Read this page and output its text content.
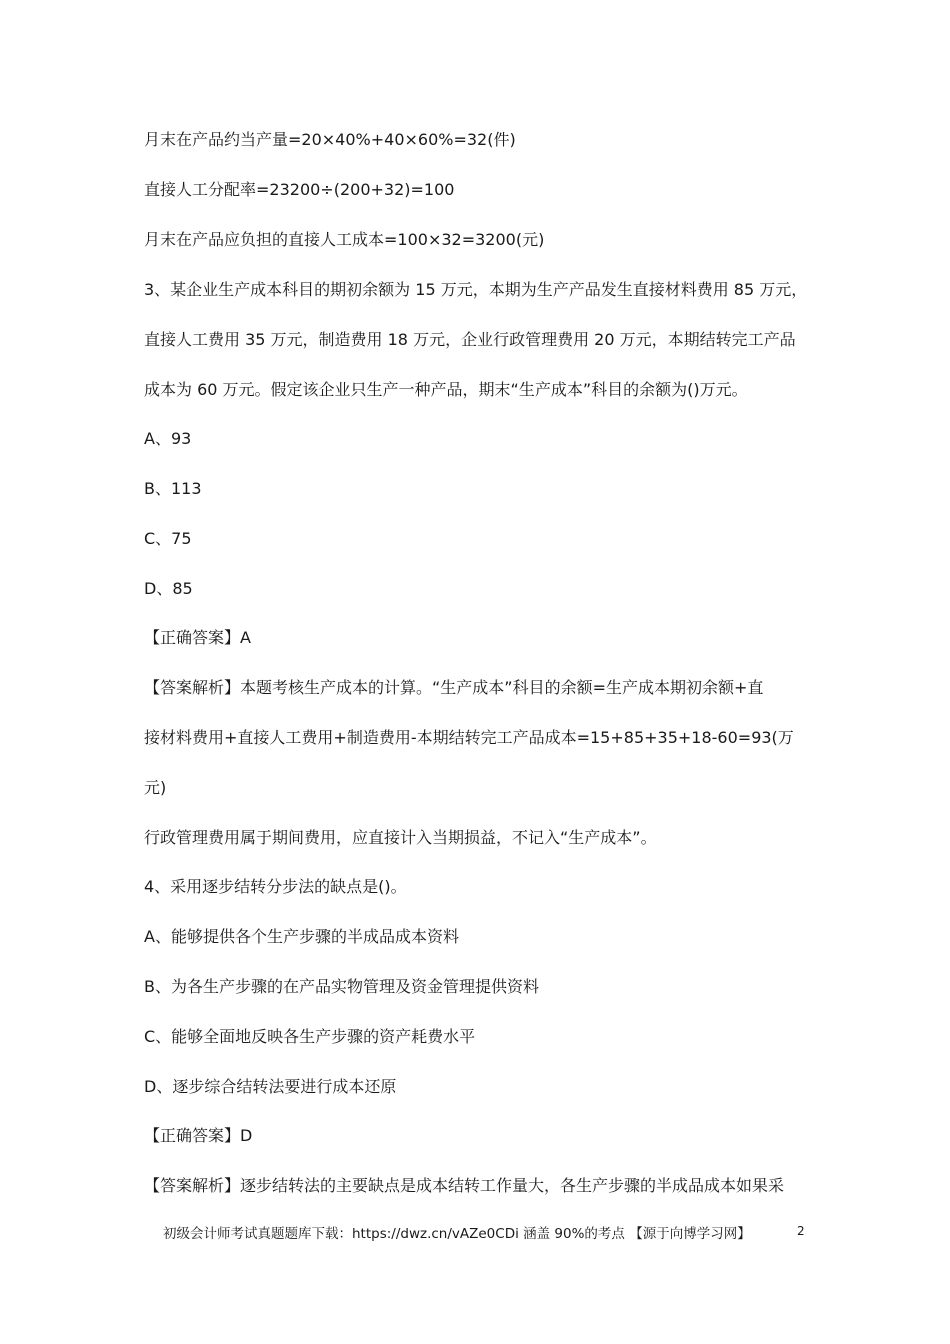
月末在产品约当产量=20×40%+40×60%=32(件)
直接人工分配率=23200÷(200+32)=100
月末在产品应负担的直接人工成本=100×32=3200(元)
3、某企业生产成本科目的期初余额为 15 万元，本期为生产产品发生直接材料费用 85 万元，
直接人工费用 35 万元，制造费用 18 万元，企业行政管理费用 20 万元，本期结转完工产品
成本为 60 万元。假定该企业只生产一种产品，期末“生产成本”科目的余额为()万元。
A、93
B、113
C、75
D、85
【正确答案】A
【答案解析】本题考核生产成本的计算。“生产成本”科目的余额=生产成本期初余额+直
接材料费用+直接人工费用+制造费用-本期结转完工产品成本=15+85+35+18-60=93(万
元)
行政管理费用属于期间费用，应直接计入当期损益，不记入“生产成本”。
4、采用逐步结转分步法的缺点是()。
A、能够提供各个生产步骤的半成品成本资料
B、为各生产步骤的在产品实物管理及资金管理提供资料
C、能够全面地反映各生产步骤的资产耗费水平
D、逐步综合结转法要进行成本还原
【正确答案】D
【答案解析】逐步结转法的主要缺点是成本结转工作量大，各生产步骤的半成品成本如果采
初级会计师考试真题题库下载：https://dwz.cn/vAZe0CDi 涵盖 90%的考点 【源于向博学习网】	2
